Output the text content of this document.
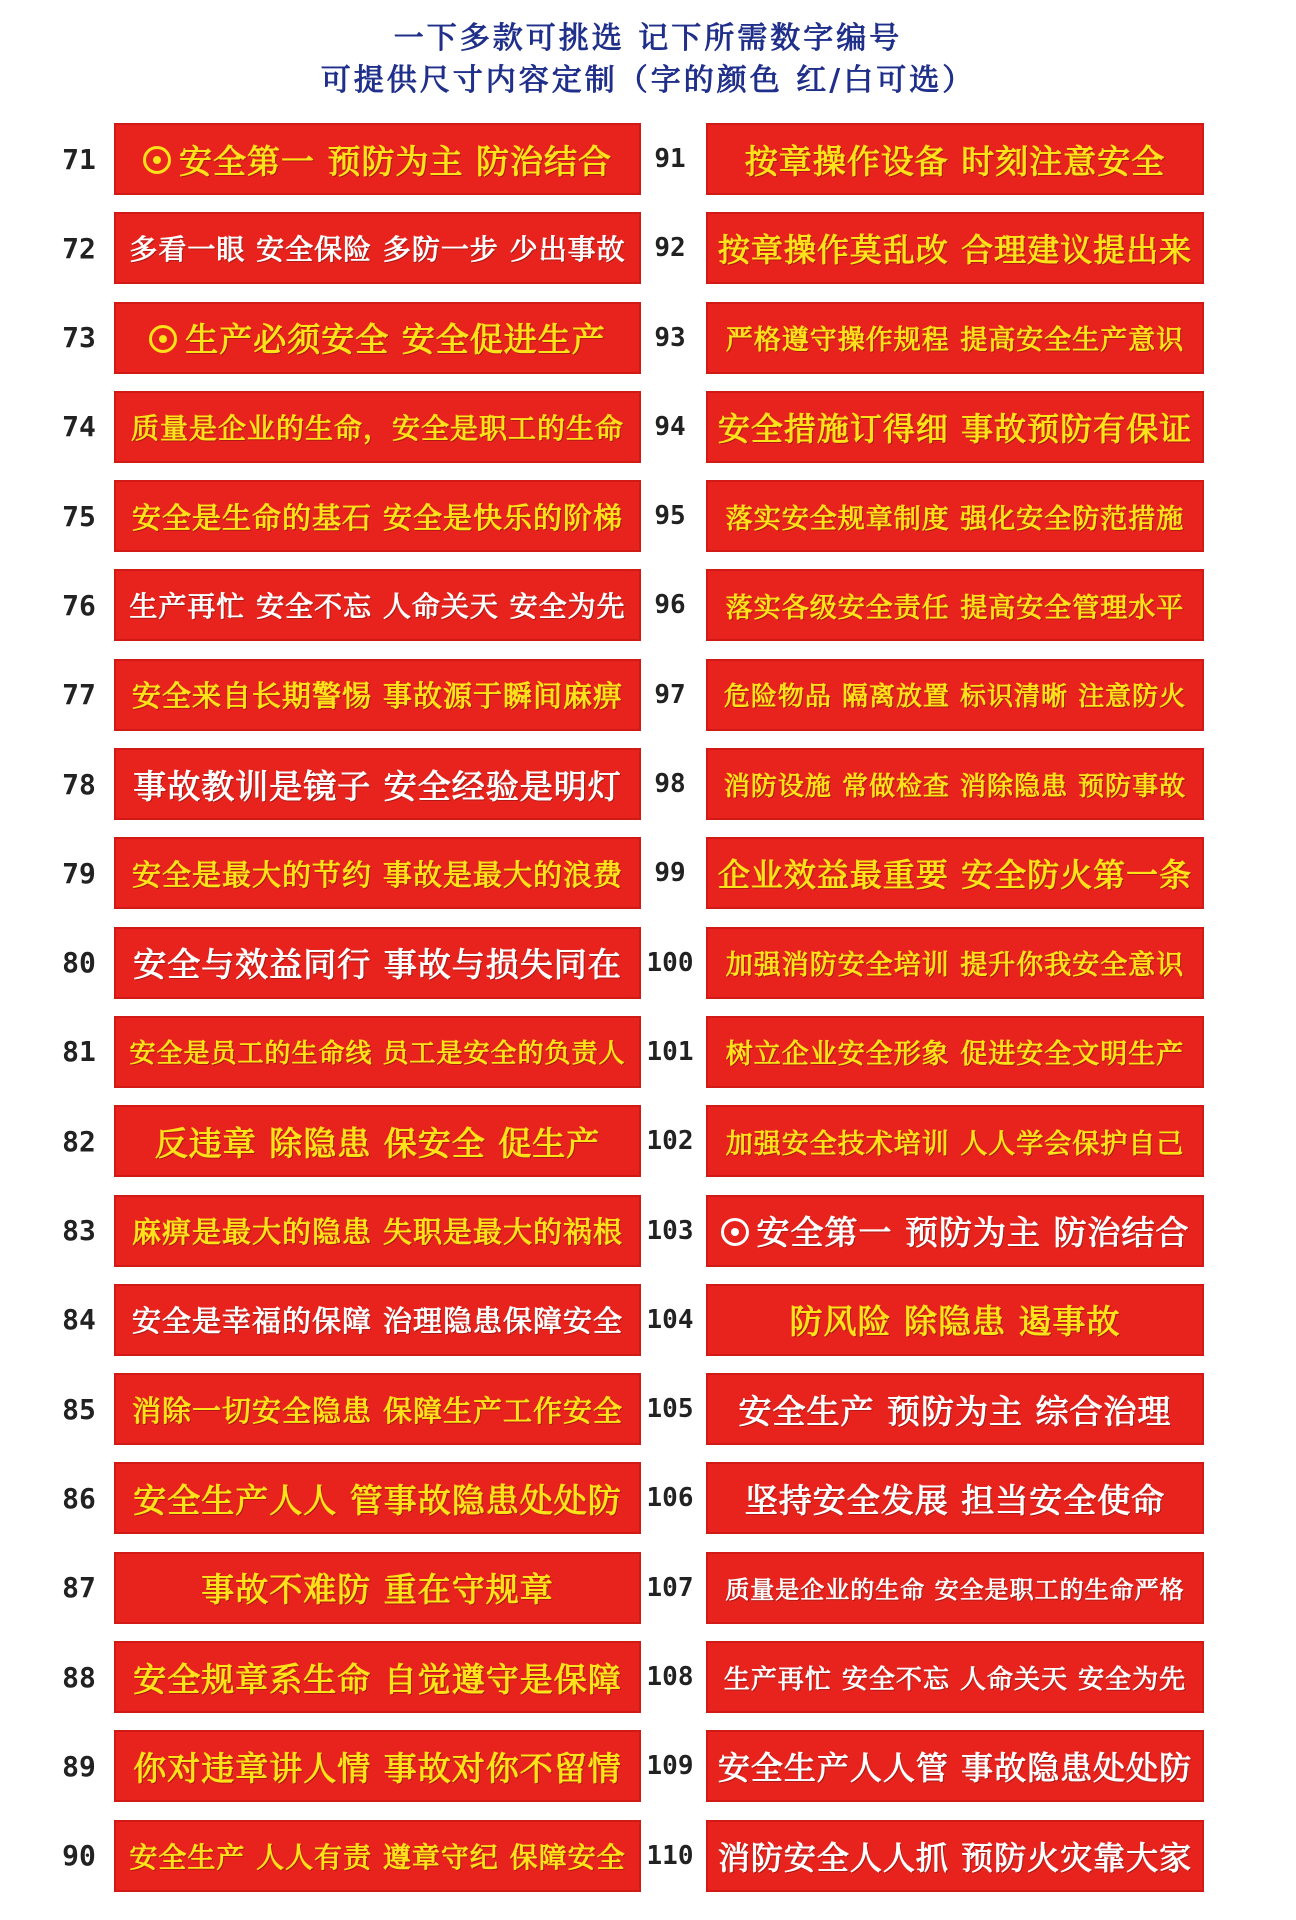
一下多款可挑选 记下所需数字编号
可提供尺寸内容定制（字的颜色 红/白可选）
71	安全第一 预防为主 防治结合
72	多看一眼 安全保险 多防一步 少出事故
73	生产必须安全 安全促进生产
74	质量是企业的生命，安全是职工的生命
75	安全是生命的基石 安全是快乐的阶梯
76	生产再忙 安全不忘 人命关天 安全为先
77	安全来自长期警惕 事故源于瞬间麻痹
78	事故教训是镜子 安全经验是明灯
79	安全是最大的节约 事故是最大的浪费
80	安全与效益同行 事故与损失同在
81	安全是员工的生命线 员工是安全的负责人
82	反违章 除隐患 保安全 促生产
83	麻痹是最大的隐患 失职是最大的祸根
84	安全是幸福的保障 治理隐患保障安全
85	消除一切安全隐患 保障生产工作安全
86	安全生产人人 管事故隐患处处防
87	事故不难防 重在守规章
88	安全规章系生命 自觉遵守是保障
89	你对违章讲人情 事故对你不留情
90	安全生产 人人有责 遵章守纪 保障安全
91	按章操作设备 时刻注意安全
92	按章操作莫乱改 合理建议提出来
93	严格遵守操作规程 提高安全生产意识
94	安全措施订得细 事故预防有保证
95	落实安全规章制度 强化安全防范措施
96	落实各级安全责任 提高安全管理水平
97	危险物品 隔离放置 标识清晰 注意防火
98	消防设施 常做检查 消除隐患 预防事故
99	企业效益最重要 安全防火第一条
100 加强消防安全培训 提升你我安全意识
101 树立企业安全形象 促进安全文明生产
102 加强安全技术培训 人人学会保护自己
103	安全第一 预防为主 防治结合
104	防风险 除隐患 遏事故
105 安全生产 预防为主 综合治理
106 坚持安全发展 担当安全使命
107 质量是企业的生命 安全是职工的生命严格
108 生产再忙 安全不忘 人命关天 安全为先
109 安全生产人人管 事故隐患处处防
110 消防安全人人抓 预防火灾靠大家
